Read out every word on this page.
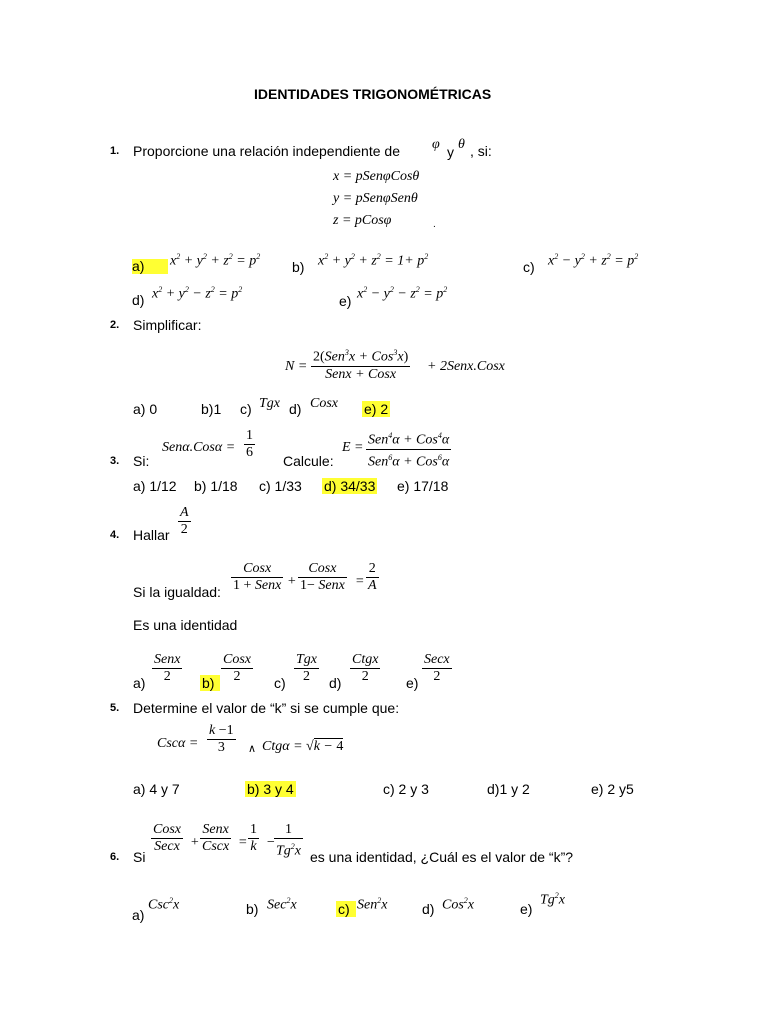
IDENTIDADES TRIGONOMÉTRICAS
1. Proporcione una relación independiente de φ y θ , si:
x = pSenφCosθ
y = pSenφSenθ
z = pCosφ	.
a)	$x^2 + y^2 + z^2 = p^2$
b) $x^2 + y^2 + z^2 = 1+ p^2$
c) $x^2 - y^2 + z^2 = p^2$
d) $x^2 + y^2 - z^2 = p^2$
e) $x^2 - y^2 - z^2 = p^2$
2. Simplificar:
N =
2(Sen$^3$x + Cos$^3$x)
Senx + Cosx
+ 2Senx.Cosx
a) 0	b)1 c) Tgx d) Cosx e) 2
3. Si:
Senα.Cosα =
1
6
Calcule:
E = Sen$^4$α + Cos$^4$α
Sen$^6$α + Cos$^6$α
a) 1/12 b) 1/18 c) 1/33 d) 34/33 e) 17/18
4. Hallar
A
2
Si la igualdad:
Cosx
1 + Senx +
Cosx
1− Senx =
2
A
Es una identidad
a)
Senx
2 b)
Cosx
2 c)
Tgx
2 d)
Ctgx
2	e)
Secx
2
5. Determine el valor de “k” si se cumple que:
Cscα =
k −1
3 ∧ Ctgα = √k − 4
a) 4 y 7	b) 3 y 4	c) 2 y 3	d)1 y 2	e) 2 y5
Cosx
Secx +
Senx
Cscx =
1
k −
1
Tg$^2$x
6. Si	es una identidad, ¿Cuál es el valor de “k”?
a)
Csc$^2$x	b) Sec$^2$x	c) Sen$^2$x d) Cos$^2$x	e)
Tg$^2$x
